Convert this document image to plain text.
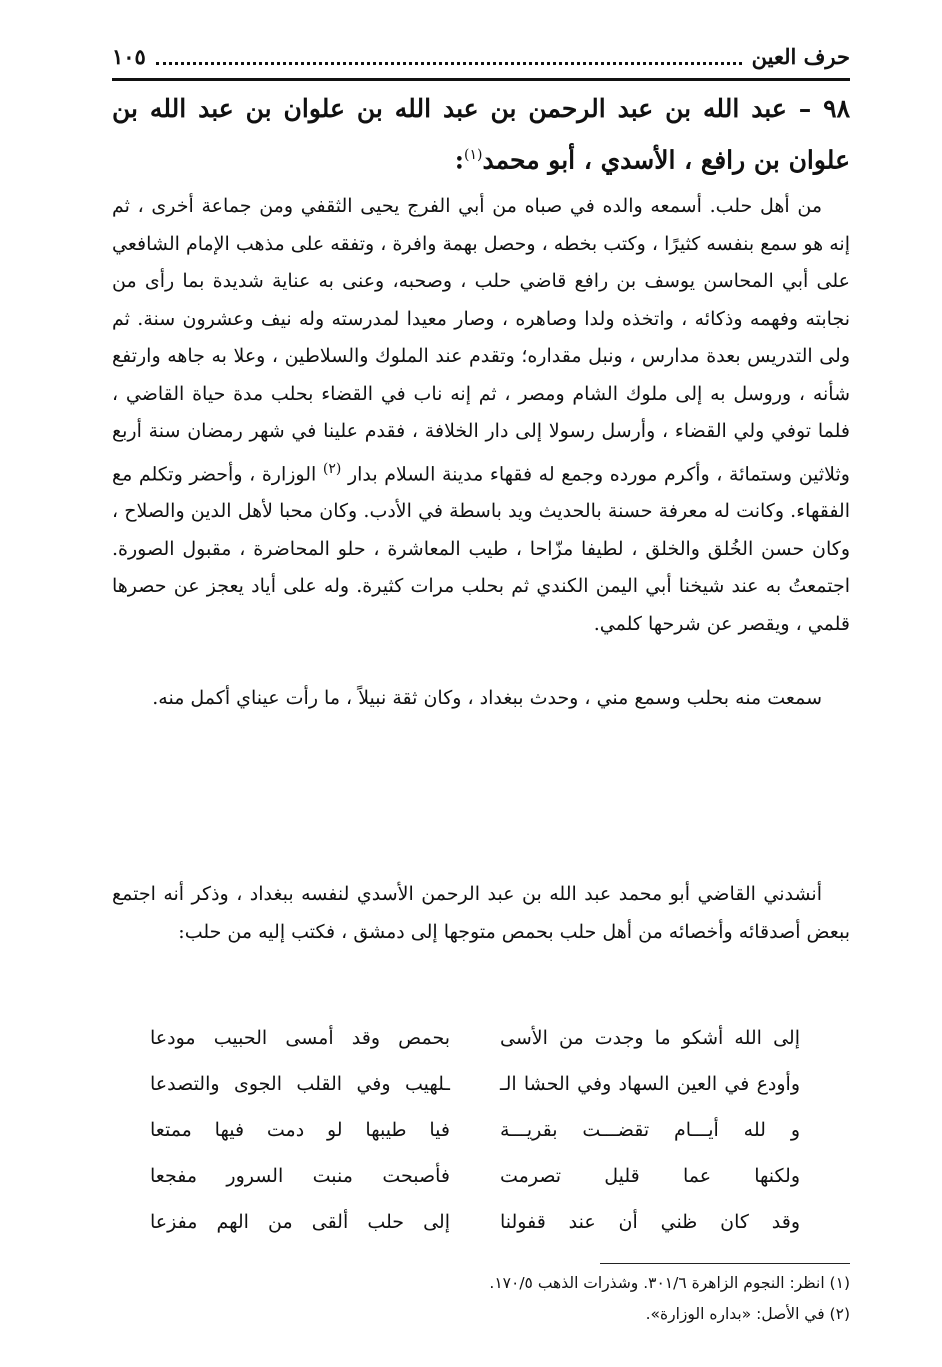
حرف العين
١٠٥
٩٨ – عبد الله بن عبد الرحمن بن عبد الله بن علوان بن عبد الله بن علوان بن رافع ، الأسدي ، أبو محمد$^{(١)}$:
من أهل حلب. أسمعه والده في صباه من أبي الفرج يحيى الثقفي ومن جماعة أخرى ، ثم إنه هو سمع بنفسه كثيرًا ، وكتب بخطه ، وحصل بهمة وافرة ، وتفقه على مذهب الإمام الشافعي على أبي المحاسن يوسف بن رافع قاضي حلب ، وصحبه، وعنى به عناية شديدة بما رأى من نجابته وفهمه وذكائه ، واتخذه ولدا وصاهره ، وصار معيدا لمدرسته وله نيف وعشرون سنة. ثم ولى التدريس بعدة مدارس ، ونبل مقداره؛ وتقدم عند الملوك والسلاطين ، وعلا به جاهه وارتفع شأنه ، وروسل به إلى ملوك الشام ومصر ، ثم إنه ناب في القضاء بحلب مدة حياة القاضي ، فلما توفي ولي القضاء ، وأرسل رسولا إلى دار الخلافة ، فقدم علينا في شهر رمضان سنة أربع وثلاثين وستمائة ، وأكرم مورده وجمع له فقهاء مدينة السلام بدار $^{(٢)}$ الوزارة ، وأحضر وتكلم مع الفقهاء. وكانت له معرفة حسنة بالحديث ويد باسطة في الأدب. وكان محبا لأهل الدين والصلاح ، وكان حسن الخُلق والخلق ، لطيفا مزّاحا ، طيب المعاشرة ، حلو المحاضرة ، مقبول الصورة. اجتمعتُ به عند شيخنا أبي اليمن الكندي ثم بحلب مرات كثيرة. وله على أياد يعجز عن حصرها قلمي ، ويقصر عن شرحها كلمي.
سمعت منه بحلب وسمع مني ، وحدث ببغداد ، وكان ثقة نبيلاً ، ما رأت عيناي أكمل منه.
أنشدني القاضي أبو محمد عبد الله بن عبد الرحمن الأسدي لنفسه ببغداد ، وذكر أنه اجتمع ببعض أصدقائه وأخصائه من أهل حلب بحمص متوجها إلى دمشق ، فكتب إليه من حلب:
إلى الله أشكو ما وجدت من الأسى
بحمص وقد أمسى الحبيب مودعا
وأودع في العين السهاد وفي الحشا الـ
ـلهيب وفي القلب الجوى والتصدعا
و لله أيـــام تقضـــت بقريـــة
فيا طيبها لو دمت فيها ممتعا
ولكنها عما قليل تصرمت
فأصبحت منبت السرور مفجعا
وقد كان ظني أن عند قفولنا
إلى حلب ألقى من الهم مفزعا
(١) انظر: النجوم الزاهرة ٣٠١/٦. وشذرات الذهب ١٧٠/٥.
(٢) في الأصل: «بداره الوزارة».
